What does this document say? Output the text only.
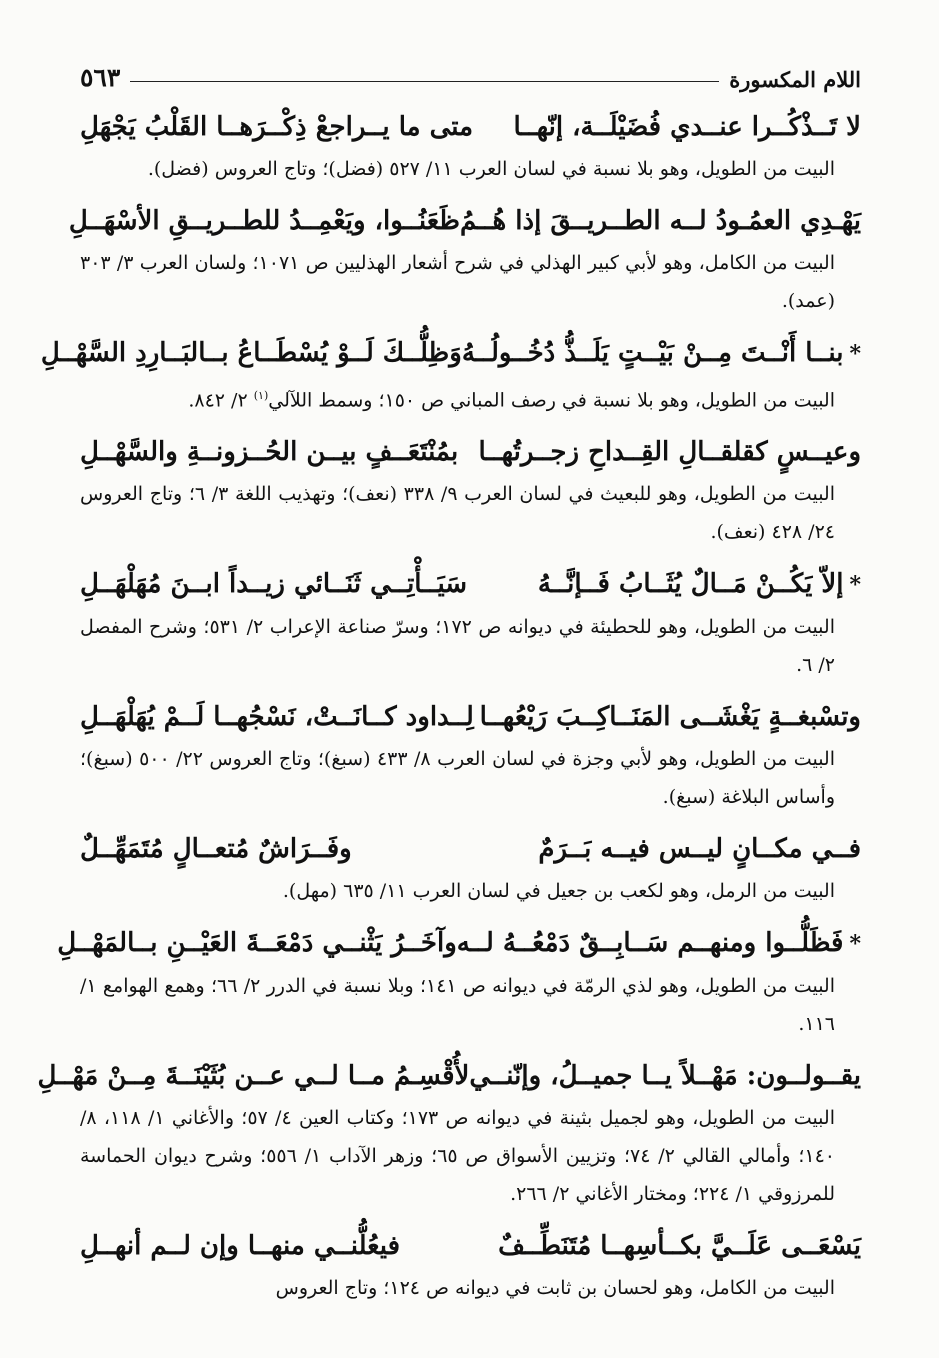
اللام المكسورة
٥٦٣
لا تَــذْكُــرا عنــدي فُضَيْلَــة، إنّهــا
متى ما يــراجعْ ذِكْــرَهــا القَلْبُ يَجْهَلِ
البيت من الطويل، وهو بلا نسبة في لسان العرب ١١/ ٥٢٧ (فضل)؛ وتاج العروس (فضل).
يَهْـدِي العمُـودُ لــه الطــريــقَ إذا هُــمُ
ظَعَنُــوا، ويَعْمِــدُ للطــريــقِ الأسْهَــلِ
البيت من الكامل، وهو لأبي كبير الهذلي في شرح أشعار الهذليين ص ١٠٧١؛ ولسان العرب ٣/ ٣٠٣ (عمد).
*بنــا أَنْــتَ مِــنْ بَيْــتٍ يَلَــذُّ دُخُــولُــهُ
وَظِلُّــكَ لَــوْ يُسْطَــاعُ بــالبَــارِدِ السَّهْــلِ
البيت من الطويل، وهو بلا نسبة في رصف المباني ص ١٥٠؛ وسمط اللآلي$^{(١)}$ ٢/ ٨٤٢.
وعيــسٍ كقلقــالِ القِــداحِ زجــرتُهــا
بمُنْتَعَــفٍ بيــن الحُــزونــةِ والسَّهْــلِ
البيت من الطويل، وهو للبعيث في لسان العرب ٩/ ٣٣٨ (نعف)؛ وتهذيب اللغة ٣/ ٦؛ وتاج العروس ٢٤/ ٤٢٨ (نعف).
*إلاّ يَكُــنْ مَــالٌ يُثَــابُ فَــإنَّــهُ
سَيَــأْتِــي ثَنَــائي زيــداً ابــنَ مُهَلْهَــلِ
البيت من الطويل، وهو للحطيئة في ديوانه ص ١٧٢؛ وسرّ صناعة الإعراب ٢/ ٥٣١؛ وشرح المفصل ٢/ ٦.
وتسْبغــةٍ يَغْشَــى المَنَــاكِــبَ رَيْعُهــا
لِــداود كــانَــتْ، نَسْجُهــا لَــمْ يُهَلْهَــلِ
البيت من الطويل، وهو لأبي وجزة في لسان العرب ٨/ ٤٣٣ (سبغ)؛ وتاج العروس ٢٢/ ٥٠٠ (سبغ)؛ وأساس البلاغة (سبغ).
فــي مكــانٍ ليــس فيــه بَــرَمٌ
وفَــرَاشٌ مُتعــالٍ مُتَمَهِّــلٌ
البيت من الرمل، وهو لكعب بن جعيل في لسان العرب ١١/ ٦٣٥ (مهل).
*فَظَلُّــوا ومنهــم سَــابِــقٌ دَمْعُــهُ لــه
وآخَــرُ يَثْنــي دَمْعَــةَ العَيْــنِ بــالمَهْــلِ
البيت من الطويل، وهو لذي الرمّة في ديوانه ص ١٤١؛ وبلا نسبة في الدرر ٢/ ٦٦؛ وهمع الهوامع ١/ ١١٦.
يقــولــون: مَهْــلاً يــا جميــلُ، وإنّنــي
لأُقْسِـمُ مــا لــي عــن بُثَيْنَــةَ مِــنْ مَهْــلِ
البيت من الطويل، وهو لجميل بثينة في ديوانه ص ١٧٣؛ وكتاب العين ٤/ ٥٧؛ والأغاني ١/ ١١٨، ٨/ ١٤٠؛ وأمالي القالي ٢/ ٧٤؛ وتزيين الأسواق ص ٦٥؛ وزهر الآداب ١/ ٥٥٦؛ وشرح ديوان الحماسة للمرزوقي ١/ ٢٢٤؛ ومختار الأغاني ٢/ ٢٦٦.
يَسْعَــى عَلَــيَّ بكــأسِهــا مُتَنَطِّــفٌ
فيعُلُّنــي منهــا وإن لــم أنهــلِ
البيت من الكامل، وهو لحسان بن ثابت في ديوانه ص ١٢٤؛ وتاج العروس
